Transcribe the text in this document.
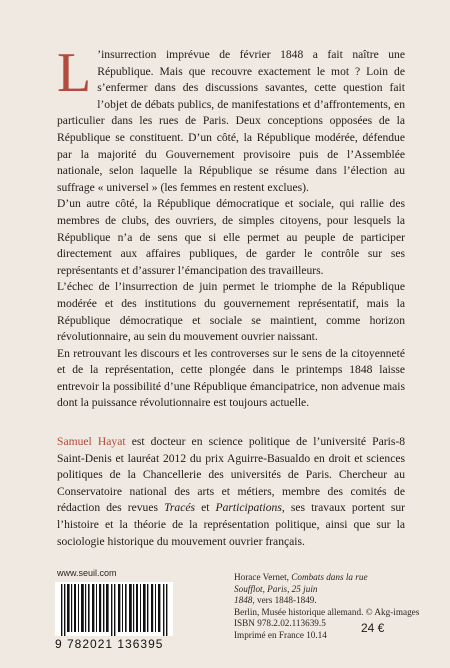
L ’insurrection imprévue de février 1848 a fait naître une République. Mais que recouvre exactement le mot ? Loin de s’enfermer dans des discussions savantes, cette question fait l’objet de débats publics, de manifestations et d’affrontements, en particulier dans les rues de Paris. Deux conceptions opposées de la République se constituent. D’un côté, la République modérée, défendue par la majorité du Gouvernement provisoire puis de l’Assemblée nationale, selon laquelle la République se résume dans l’élection au suffrage « universel » (les femmes en restent exclues).

D’un autre côté, la République démocratique et sociale, qui rallie des membres de clubs, des ouvriers, de simples citoyens, pour lesquels la République n’a de sens que si elle permet au peuple de participer directement aux affaires publiques, de garder le contrôle sur ses représentants et d’assurer l’émancipation des travailleurs.

L’échec de l’insurrection de juin permet le triomphe de la République modérée et des institutions du gouvernement représentatif, mais la République démocratique et sociale se maintient, comme horizon révolutionnaire, au sein du mouvement ouvrier naissant.

En retrouvant les discours et les controverses sur le sens de la citoyenneté et de la représentation, cette plongée dans le printemps 1848 laisse entrevoir la possibilité d’une République émancipatrice, non advenue mais dont la puissance révolutionnaire est toujours actuelle.

Samuel Hayat est docteur en science politique de l’université Paris-8 Saint-Denis et lauréat 2012 du prix Aguirre-Basualdo en droit et sciences politiques de la Chancellerie des universités de Paris. Chercheur au Conservatoire national des arts et métiers, membre des comités de rédaction des revues Tracés et Participations, ses travaux portent sur l’histoire et la théorie de la représentation politique, ainsi que sur la sociologie historique du mouvement ouvrier français.

www.seuil.com
9 782021 136395
Horace Vernet, Combats dans la rue Soufflot, Paris, 25 juin 1848, vers 1848-1849.
Berlin, Musée historique allemand. © Akg-images
ISBN 978.2.02.113639.5
Imprimé en France 10.14	24 €
